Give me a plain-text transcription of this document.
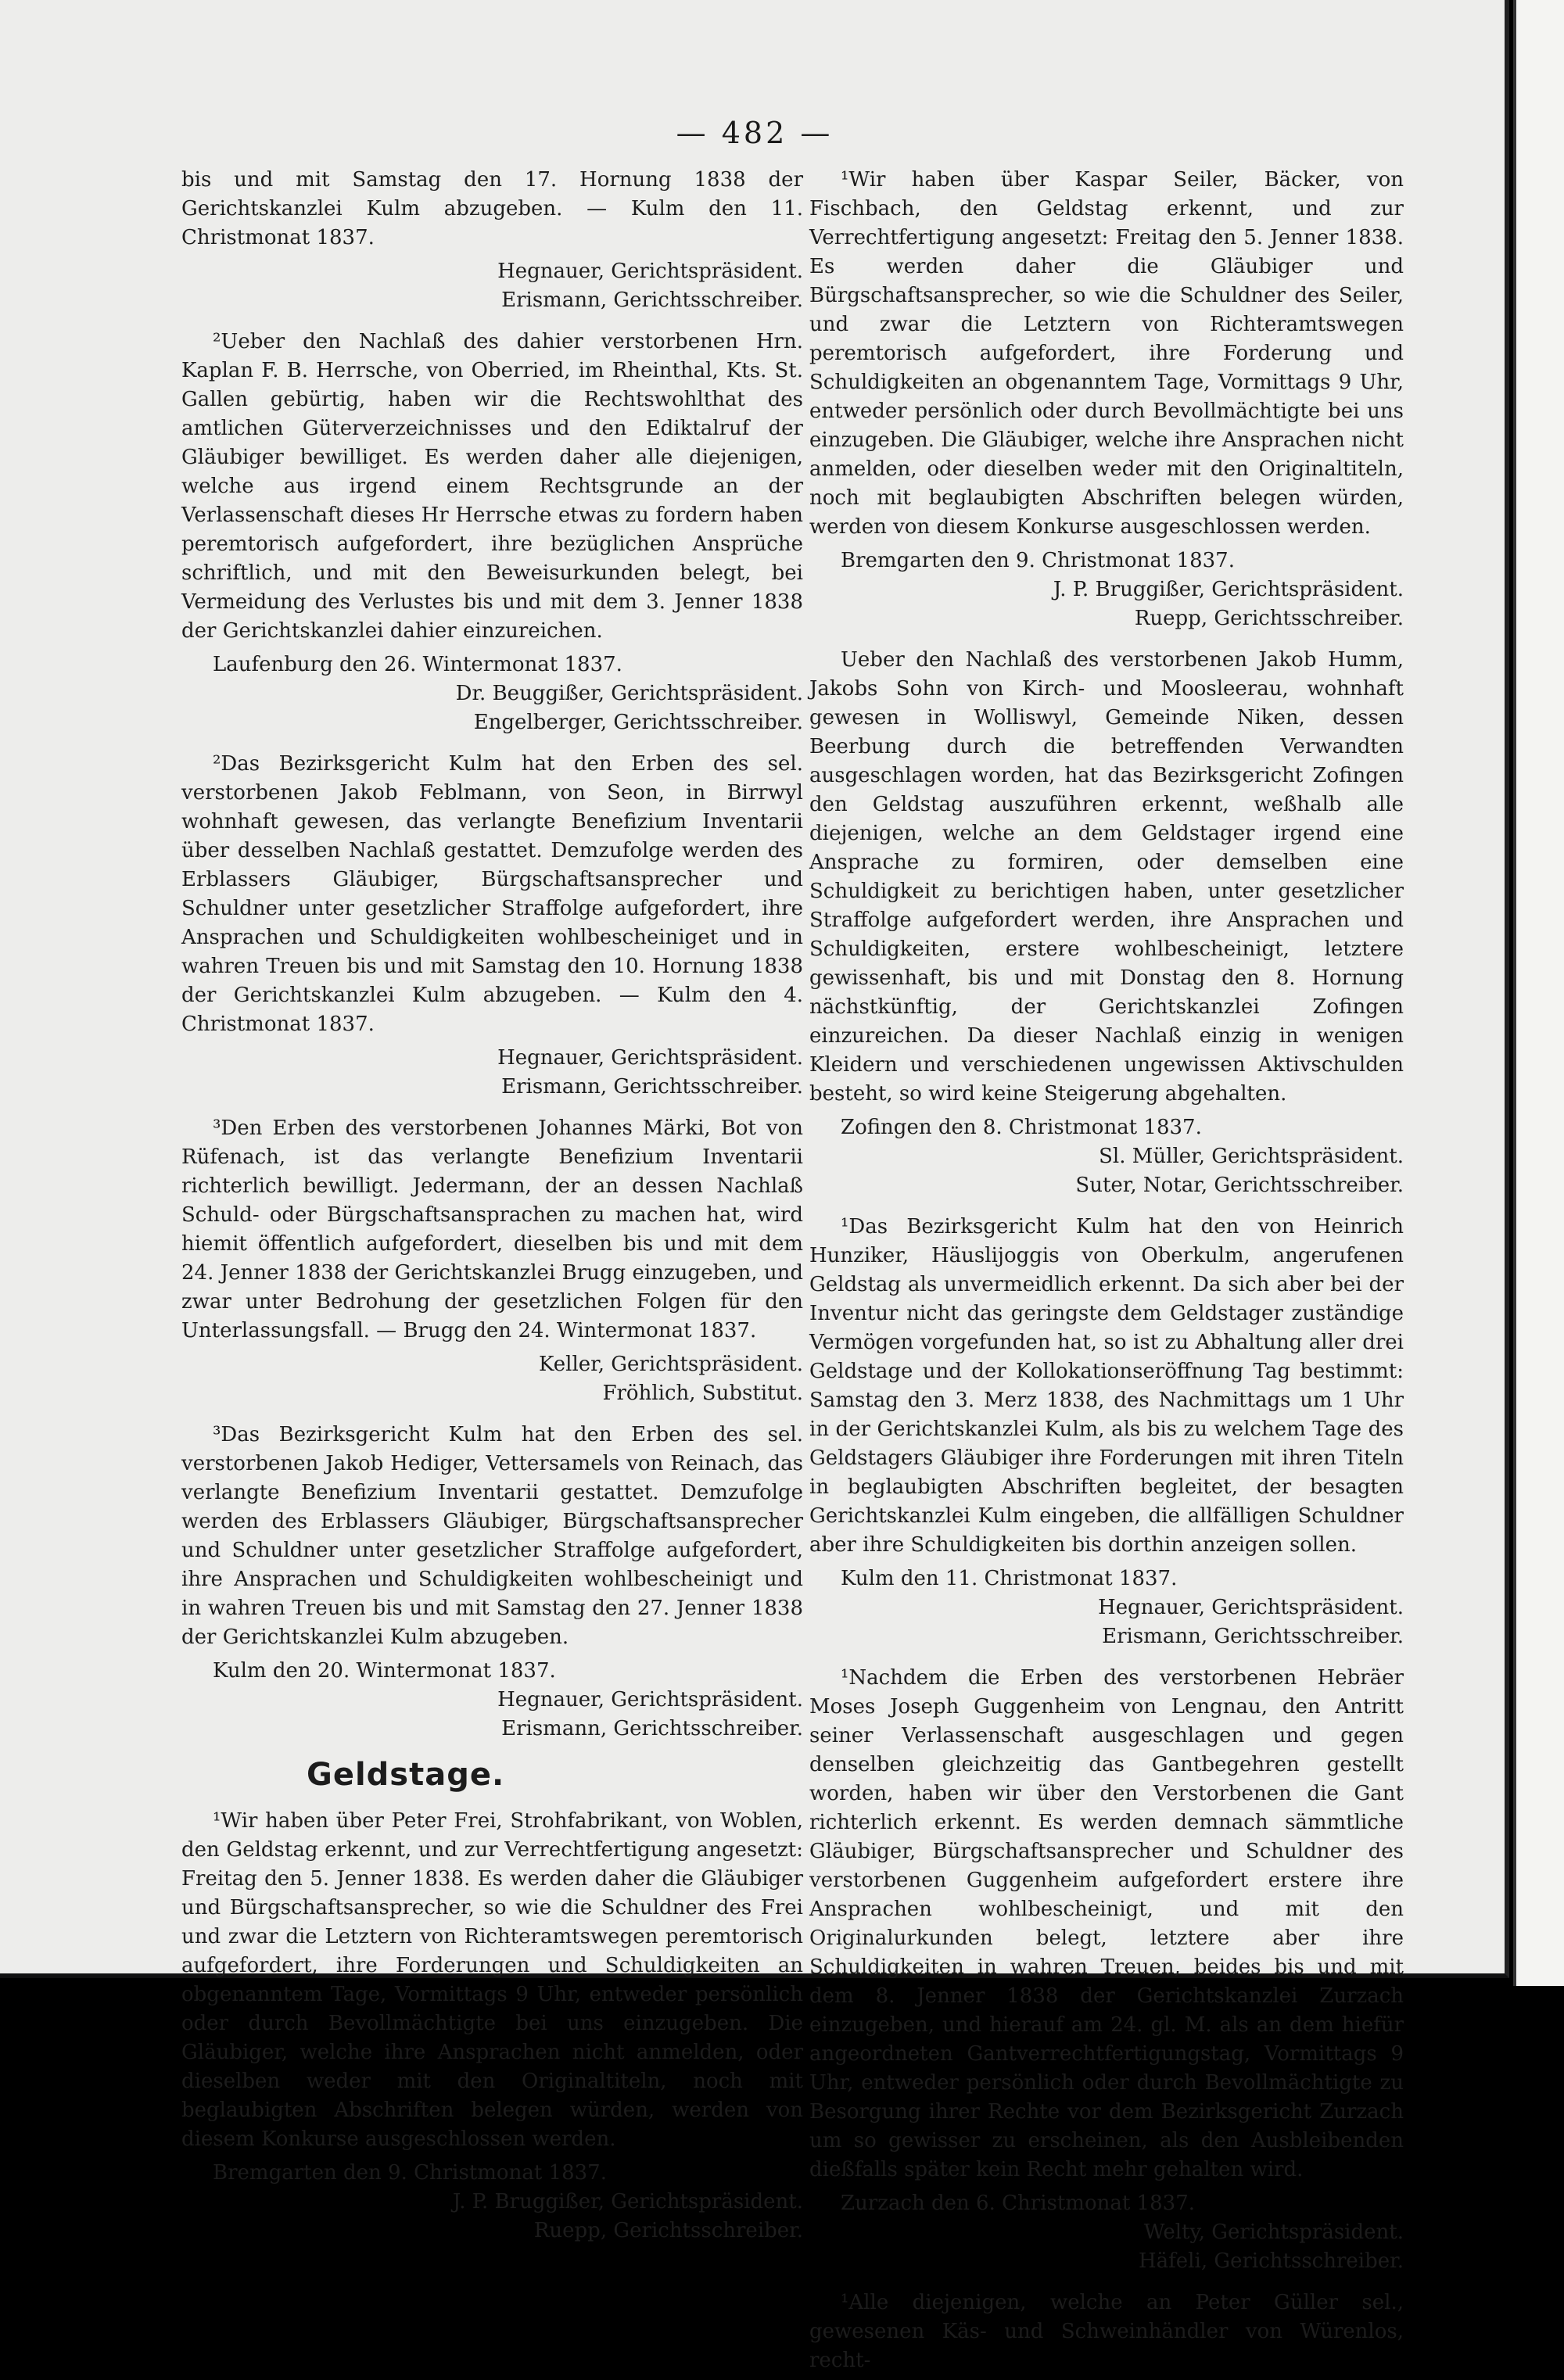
— 482 —

bis und mit Samstag den 17. Hornung 1838 der Gerichtskanzlei Kulm abzugeben. — Kulm den 11. Christmonat 1837.

Hegnauer, Gerichtspräsident.

Erismann, Gerichtsschreiber.

²Ueber den Nachlaß des dahier verstorbenen Hrn. Kaplan F. B. Herrsche, von Oberried, im Rheinthal, Kts. St. Gallen gebürtig, haben wir die Rechtswohlthat des amtlichen Güterverzeichnisses und den Ediktalruf der Gläubiger bewilliget. Es werden daher alle diejenigen, welche aus irgend einem Rechtsgrunde an der Verlassenschaft dieses Hr Herrsche etwas zu fordern haben peremtorisch aufgefordert, ihre bezüglichen Ansprüche schriftlich, und mit den Beweisurkunden belegt, bei Vermeidung des Verlustes bis und mit dem 3. Jenner 1838 der Gerichtskanzlei dahier einzureichen.

Laufenburg den 26. Wintermonat 1837.

Dr. Beuggißer, Gerichtspräsident.

Engelberger, Gerichtsschreiber.

²Das Bezirksgericht Kulm hat den Erben des sel. verstorbenen Jakob Feblmann, von Seon, in Birrwyl wohnhaft gewesen, das verlangte Benefizium Inventarii über desselben Nachlaß gestattet. Demzufolge werden des Erblassers Gläubiger, Bürgschaftsansprecher und Schuldner unter gesetzlicher Straffolge aufgefordert, ihre Ansprachen und Schuldigkeiten wohlbescheiniget und in wahren Treuen bis und mit Samstag den 10. Hornung 1838 der Gerichtskanzlei Kulm abzugeben. — Kulm den 4. Christmonat 1837.

Hegnauer, Gerichtspräsident.

Erismann, Gerichtsschreiber.

³Den Erben des verstorbenen Johannes Märki, Bot von Rüfenach, ist das verlangte Benefizium Inventarii richterlich bewilligt. Jedermann, der an dessen Nachlaß Schuld- oder Bürgschaftsansprachen zu machen hat, wird hiemit öffentlich aufgefordert, dieselben bis und mit dem 24. Jenner 1838 der Gerichtskanzlei Brugg einzugeben, und zwar unter Bedrohung der gesetzlichen Folgen für den Unterlassungsfall. — Brugg den 24. Wintermonat 1837.

Keller, Gerichtspräsident.

Fröhlich, Substitut.

³Das Bezirksgericht Kulm hat den Erben des sel. verstorbenen Jakob Hediger, Vettersamels von Reinach, das verlangte Benefizium Inventarii gestattet. Demzufolge werden des Erblassers Gläubiger, Bürgschaftsansprecher und Schuldner unter gesetzlicher Straffolge aufgefordert, ihre Ansprachen und Schuldigkeiten wohlbescheinigt und in wahren Treuen bis und mit Samstag den 27. Jenner 1838 der Gerichtskanzlei Kulm abzugeben.

Kulm den 20. Wintermonat 1837.

Hegnauer, Gerichtspräsident.

Erismann, Gerichtsschreiber.

Geldstage.

¹Wir haben über Peter Frei, Strohfabrikant, von Woblen, den Geldstag erkennt, und zur Verrechtfertigung angesetzt: Freitag den 5. Jenner 1838. Es werden daher die Gläubiger und Bürgschaftsansprecher, so wie die Schuldner des Frei und zwar die Letztern von Richteramtswegen peremtorisch aufgefordert, ihre Forderungen und Schuldigkeiten an obgenanntem Tage, Vormittags 9 Uhr, entweder persönlich oder durch Bevollmächtigte bei uns einzugeben. Die Gläubiger, welche ihre Ansprachen nicht anmelden, oder dieselben weder mit den Originaltiteln, noch mit beglaubigten Abschriften belegen würden, werden von diesem Konkurse ausgeschlossen werden.

Bremgarten den 9. Christmonat 1837.

J. P. Bruggißer, Gerichtspräsident.

Ruepp, Gerichtsschreiber.

¹Wir haben über Kaspar Seiler, Bäcker, von Fischbach, den Geldstag erkennt, und zur Verrechtfertigung angesetzt: Freitag den 5. Jenner 1838. Es werden daher die Gläubiger und Bürgschaftsansprecher, so wie die Schuldner des Seiler, und zwar die Letztern von Richteramtswegen peremtorisch aufgefordert, ihre Forderung und Schuldigkeiten an obgenanntem Tage, Vormittags 9 Uhr, entweder persönlich oder durch Bevollmächtigte bei uns einzugeben. Die Gläubiger, welche ihre Ansprachen nicht anmelden, oder dieselben weder mit den Originaltiteln, noch mit beglaubigten Abschriften belegen würden, werden von diesem Konkurse ausgeschlossen werden.

Bremgarten den 9. Christmonat 1837.

J. P. Bruggißer, Gerichtspräsident.

Ruepp, Gerichtsschreiber.

Ueber den Nachlaß des verstorbenen Jakob Humm, Jakobs Sohn von Kirch- und Moosleerau, wohnhaft gewesen in Wolliswyl, Gemeinde Niken, dessen Beerbung durch die betreffenden Verwandten ausgeschlagen worden, hat das Bezirksgericht Zofingen den Geldstag auszuführen erkennt, weßhalb alle diejenigen, welche an dem Geldstager irgend eine Ansprache zu formiren, oder demselben eine Schuldigkeit zu berichtigen haben, unter gesetzlicher Straffolge aufgefordert werden, ihre Ansprachen und Schuldigkeiten, erstere wohlbescheinigt, letztere gewissenhaft, bis und mit Donstag den 8. Hornung nächstkünftig, der Gerichtskanzlei Zofingen einzureichen. Da dieser Nachlaß einzig in wenigen Kleidern und verschiedenen ungewissen Aktivschulden besteht, so wird keine Steigerung abgehalten.

Zofingen den 8. Christmonat 1837.

Sl. Müller, Gerichtspräsident.

Suter, Notar, Gerichtsschreiber.

¹Das Bezirksgericht Kulm hat den von Heinrich Hunziker, Häuslijoggis von Oberkulm, angerufenen Geldstag als unvermeidlich erkennt. Da sich aber bei der Inventur nicht das geringste dem Geldstager zuständige Vermögen vorgefunden hat, so ist zu Abhaltung aller drei Geldstage und der Kollokationseröffnung Tag bestimmt: Samstag den 3. Merz 1838, des Nachmittags um 1 Uhr in der Gerichtskanzlei Kulm, als bis zu welchem Tage des Geldstagers Gläubiger ihre Forderungen mit ihren Titeln in beglaubigten Abschriften begleitet, der besagten Gerichtskanzlei Kulm eingeben, die allfälligen Schuldner aber ihre Schuldigkeiten bis dorthin anzeigen sollen.

Kulm den 11. Christmonat 1837.

Hegnauer, Gerichtspräsident.

Erismann, Gerichtsschreiber.

¹Nachdem die Erben des verstorbenen Hebräer Moses Joseph Guggenheim von Lengnau, den Antritt seiner Verlassenschaft ausgeschlagen und gegen denselben gleichzeitig das Gantbegehren gestellt worden, haben wir über den Verstorbenen die Gant richterlich erkennt. Es werden demnach sämmtliche Gläubiger, Bürgschaftsansprecher und Schuldner des verstorbenen Guggenheim aufgefordert erstere ihre Ansprachen wohlbescheinigt, und mit den Originalurkunden belegt, letztere aber ihre Schuldigkeiten in wahren Treuen, beides bis und mit dem 8. Jenner 1838 der Gerichtskanzlei Zurzach einzugeben, und hierauf am 24. gl. M. als an dem hiefür angeordneten Gantverrechtfertigungstag, Vormittags 9 Uhr, entweder persönlich oder durch Bevollmächtigte zu Besorgung ihrer Rechte vor dem Bezirksgericht Zurzach um so gewisser zu erscheinen, als den Ausbleibenden dießfalls später kein Recht mehr gehalten wird.

Zurzach den 6. Christmonat 1837.

Welty, Gerichtspräsident.

Häfeli, Gerichtsschreiber.

¹Alle diejenigen, welche an Peter Güller sel., gewesenen Käs- und Schweinhändler von Würenlos, recht-
